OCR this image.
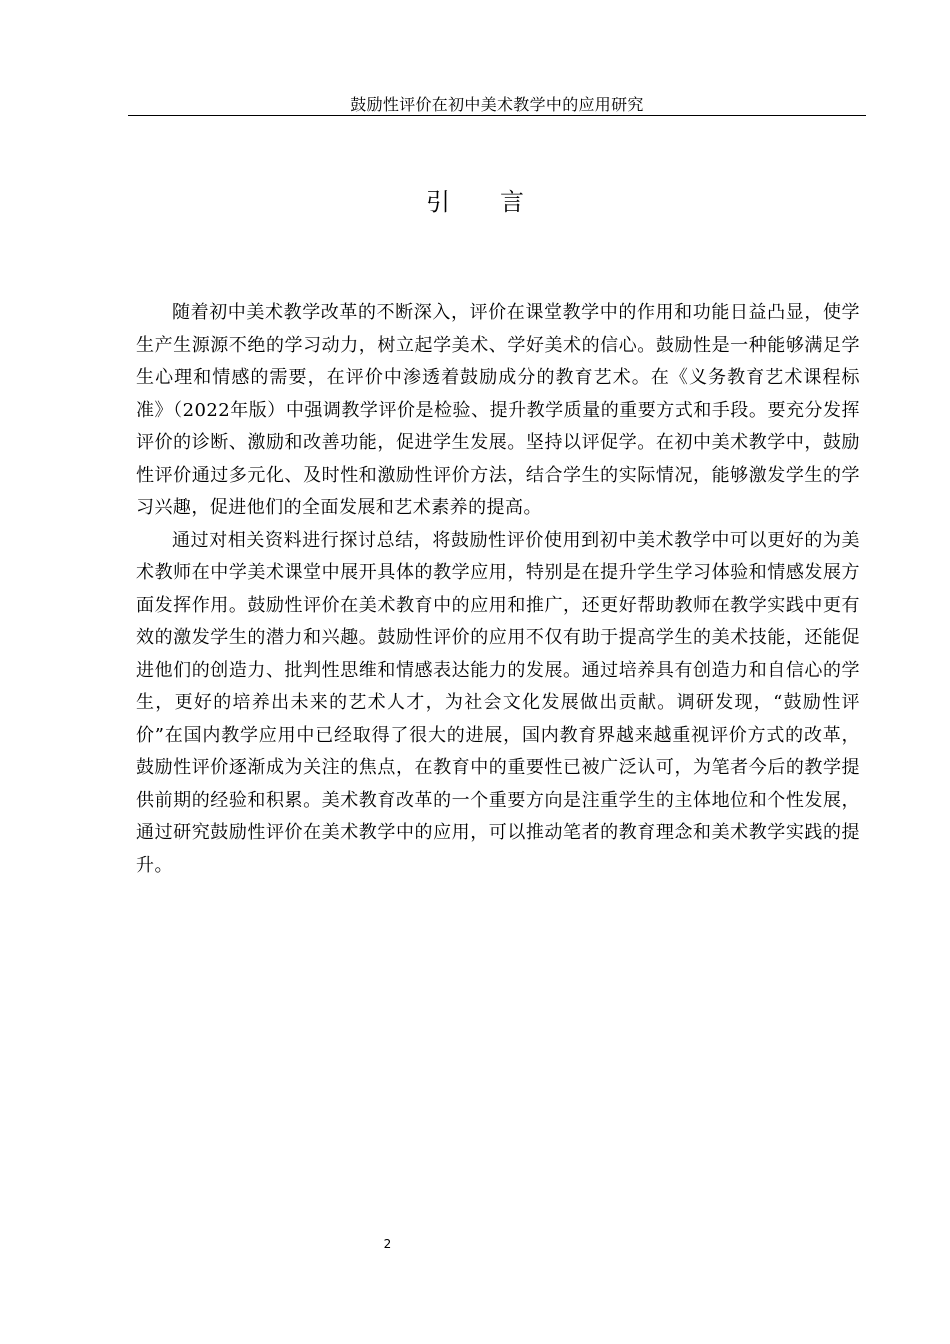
鼓励性评价在初中美术教学中的应用研究
引 言

随着初中美术教学改革的不断深入，评价在课堂教学中的作用和功能日益凸显，使学生产生源源不绝的学习动力，树立起学美术、学好美术的信心。鼓励性是一种能够满足学生心理和情感的需要，在评价中渗透着鼓励成分的教育艺术。在《义务教育艺术课程标准》（2022年版）中强调教学评价是检验、提升教学质量的重要方式和手段。要充分发挥评价的诊断、激励和改善功能，促进学生发展。坚持以评促学。在初中美术教学中，鼓励性评价通过多元化、及时性和激励性评价方法，结合学生的实际情况，能够激发学生的学习兴趣，促进他们的全面发展和艺术素养的提高。

通过对相关资料进行探讨总结，将鼓励性评价使用到初中美术教学中可以更好的为美术教师在中学美术课堂中展开具体的教学应用，特别是在提升学生学习体验和情感发展方面发挥作用。鼓励性评价在美术教育中的应用和推广，还更好帮助教师在教学实践中更有效的激发学生的潜力和兴趣。鼓励性评价的应用不仅有助于提高学生的美术技能，还能促进他们的创造力、批判性思维和情感表达能力的发展。通过培养具有创造力和自信心的学生，更好的培养出未来的艺术人才，为社会文化发展做出贡献。调研发现，“鼓励性评价”在国内教学应用中已经取得了很大的进展，国内教育界越来越重视评价方式的改革，鼓励性评价逐渐成为关注的焦点，在教育中的重要性已被广泛认可，为笔者今后的教学提供前期的经验和积累。美术教育改革的一个重要方向是注重学生的主体地位和个性发展，通过研究鼓励性评价在美术教学中的应用，可以推动笔者的教育理念和美术教学实践的提升。

2
